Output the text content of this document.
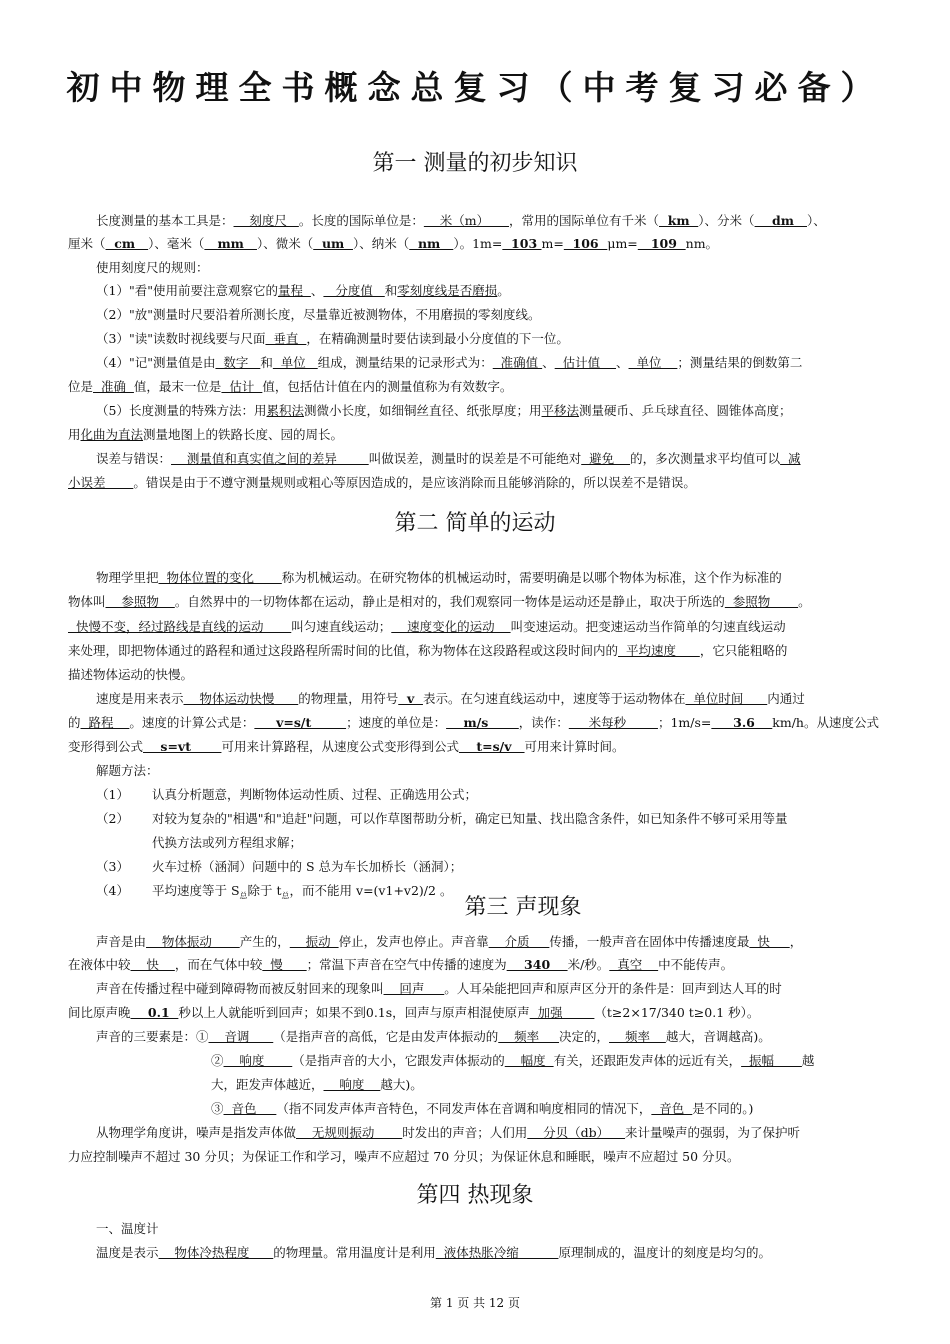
初中物理全书概念总复习（中考复习必备）
第一 测量的初步知识
长度测量的基本工具是：    刻度尺   。长度的国际单位是：    米（m）     ，常用的国际单位有千米（  km  ）、分米（    dm   ）、
厘米（  cm   ）、毫米（   mm   ）、微米（  um  ）、纳米（  nm   ）。1m=  103 m=  106  μm=   109  nm。
使用刻度尺的规则：
（1）"看"使用前要注意观察它的量程  、   分度值   和零刻度线是否磨损。
（2）"放"测量时尺要沿着所测长度，尽量靠近被测物体，不用磨损的零刻度线。
（3）"读"读数时视线要与尺面  垂直  ，在精确测量时要估读到最小分度值的下一位。
（4）"记"测量值是由  数字   和  单位   组成，测量结果的记录形式为：  准确值 、  估计值    、  单位    ；测量结果的倒数第二
位是  准确  值，最末一位是  估计  值，包括估计值在内的测量值称为有效数字。
（5）长度测量的特殊方法：用累积法测微小长度，如细铜丝直径、纸张厚度；用平移法测量硬币、乒乓球直径、圆锥体高度；
用化曲为直法测量地图上的铁路长度、园的周长。
误差与错误：    测量值和真实值之间的差异        叫做误差，测量时的误差是不可能绝对  避免    的，多次测量求平均值可以  减
小误差       。错误是由于不遵守测量规则或粗心等原因造成的，是应该消除而且能够消除的，所以误差不是错误。
第二 简单的运动
物理学里把  物体位置的变化       称为机械运动。在研究物体的机械运动时，需要明确是以哪个物体为标准，这个作为标准的
物体叫    参照物    。自然界中的一切物体都在运动，静止是相对的，我们观察同一物体是运动还是静止，取决于所选的  参照物       。
快慢不变，经过路线是直线的运动       叫匀速直线运动；    速度变化的运动    叫变速运动。把变速运动当作简单的匀速直线运动
来处理，即把物体通过的路程和通过这段路程所需时间的比值，称为物体在这段路程或这段时间内的  平均速度      ，它只能粗略的
描述物体运动的快慢。
速度是用来表示    物体运动快慢      的物理量，用符号  v  表示。在匀速直线运动中，速度等于运动物体在  单位时间      内通过
的  路程    。速度的计算公式是：     v=s/t        ；速度的单位是：    m/s       ，读作：     米每秒        ；1m/s=     3.6    km/h。从速度公式
变形得到公式    s=vt       可用来计算路程，从速度公式变形得到公式    t=s/v   可用来计算时间。
解题方法：
（1） 认真分析题意，判断物体运动性质、过程、正确选用公式；
（2） 对较为复杂的"相遇"和"追赶"问题，可以作草图帮助分析，确定已知量、找出隐含条件，如已知条件不够可采用等量
代换方法或列方程组求解；
（3） 火车过桥（涵洞）问题中的 S 总为车长加桥长（涵洞）；
（4） 平均速度等于 $S_总$除于 $t_总$，而不能用 v=(v1+v2)/2 。
第三 声现象
声音是由    物体振动       产生的，    振动  停止，发声也停止。声音靠    介质     传播，一般声音在固体中传播速度最  快     ，
在液体中较    快    ，而在气体中较  慢      ；常温下声音在空气中传播的速度为    340    米/秒。  真空    中不能传声。
声音在传播过程中碰到障碍物而被反射回来的现象叫    回声     。人耳朵能把回声和原声区分开的条件是：回声到达人耳的时
间比原声晚    0.1  秒以上人就能听到回声；如果不到0.1s，回声与原声相混使原声  加强        （t≥2×17/340 t≥0.1 秒）。
声音的三要素是：①    音调      （是指声音的高低，它是由发声体振动的    频率     决定的，    频率    越大，音调越高)。
②    响度       （是指声音的大小，它跟发声体振动的    幅度  有关，还跟距发声体的远近有关，  振幅       越
大，距发声体越近，    响度    越大)。
③  音色     （指不同发声体声音特色，不同发声体在音调和响度相同的情况下，  音色  是不同的。)
从物理学角度讲，噪声是指发声体做    无规则振动       时发出的声音；人们用    分贝（db）    来计量噪声的强弱，为了保护听
力应控制噪声不超过 30 分贝；为保证工作和学习，噪声不应超过 70 分贝；为保证休息和睡眠，噪声不应超过 50 分贝。
第四 热现象
一、温度计
温度是表示    物体冷热程度      的物理量。常用温度计是利用  液体热胀冷缩          原理制成的，温度计的刻度是均匀的。
第 1 页 共 12 页
